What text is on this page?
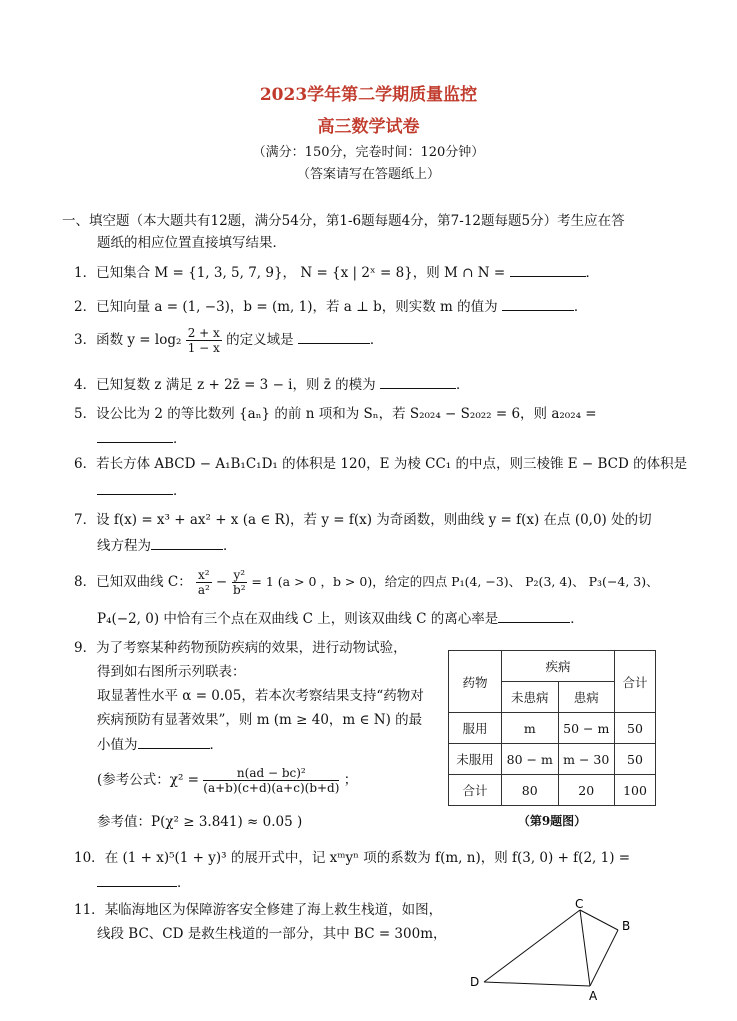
2023学年第二学期质量监控
高三数学试卷
（满分：150分，完卷时间：120分钟）
（答案请写在答题纸上）
一、填空题（本大题共有12题，满分54分，第1-6题每题4分，第7-12题每题5分）考生应在答
题纸的相应位置直接填写结果．
1．已知集合 M = {1, 3, 5, 7, 9}， N = {x | 2ˣ = 8}，则 M ∩ N =	．
2．已知向量 a = (1, −3)，b = (m, 1)，若 a ⊥ b，则实数 m 的值为	．
3．函数 $y = \log_2 \frac{2 + x}{1 - x}$ 的定义域是	．
4．已知复数 z 满足 z + 2z̄ = 3 − i，则 z̄ 的模为	．
5．设公比为 2 的等比数列 {aₙ} 的前 n 项和为 Sₙ，若 S₂₀₂₄ − S₂₀₂₂ = 6，则 a₂₀₂₄ =
．
6．若长方体 ABCD − A₁B₁C₁D₁ 的体积是 120，E 为棱 CC₁ 的中点，则三棱锥 E − BCD 的体积是
．
7．设 f(x) = x³ + ax² + x (a ∈ R)，若 y = f(x) 为奇函数，则曲线 y = f(x) 在点 (0,0) 处的切
线方程为	．
8．已知双曲线 C： $\frac{\text{x²}}{\text{a²}} - \frac{\text{y²}}{\text{b²}} = 1$ (a > 0 ，b > 0)，给定的四点 P₁(4, −3)、 P₂(3, 4)、 P₃(−4, 3)、
P₄(−2, 0) 中恰有三个点在双曲线 C 上，则该双曲线 C 的离心率是	．
9．为了考察某种药物预防疾病的效果，进行动物试验，
得到如右图所示列联表：
取显著性水平 α = 0.05，若本次考察结果支持“药物对
疾病预防有显著效果”，则 m (m ≥ 40，m ∈ N) 的最
小值为	．
(参考公式：$\chi^2 = \frac{\text{n(ad − bc)²}}{(a+b)(c+d)(a+c)(b+d)}$ ；
参考值：P(χ² ≥ 3.841) ≈ 0.05 )
药物	疾病		合计
	未患病	患病	
服用	m	50 − m	50
未服用	80 − m	m − 30	50
合计	80	20	100
（第9题图）
10．在 (1 + x)⁵(1 + y)³ 的展开式中，记 xᵐyⁿ 项的系数为 f(m, n)，则 f(3, 0) + f(2, 1) =
．
11．某临海地区为保障游客安全修建了海上救生栈道，如图，
线段 BC、CD 是救生栈道的一部分，其中 BC = 300m，
C
B
D
A
